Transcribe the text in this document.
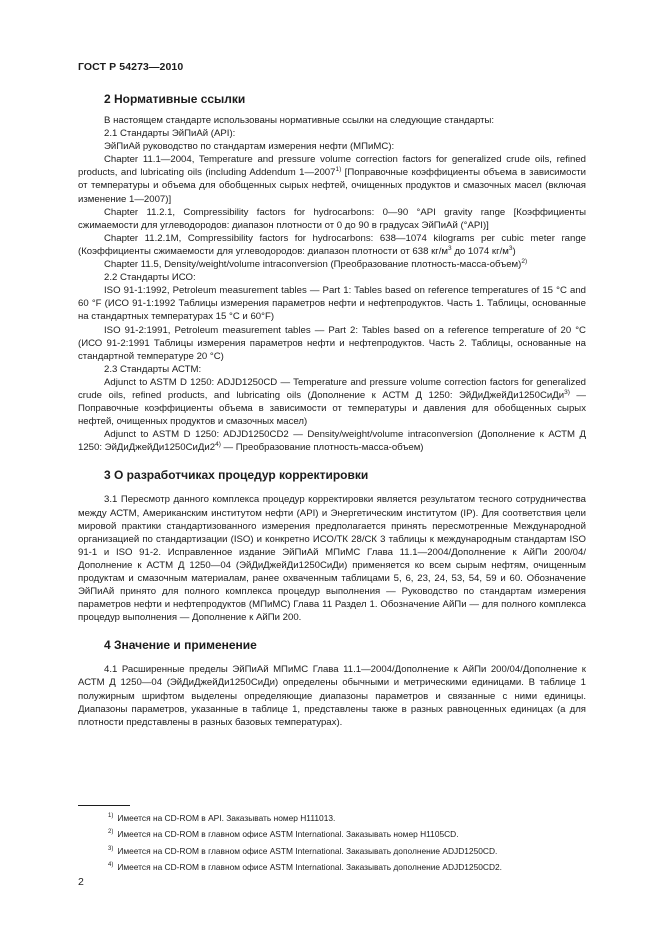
ГОСТ Р 54273—2010
2 Нормативные ссылки

В настоящем стандарте использованы нормативные ссылки на следующие стандарты:

2.1 Стандарты ЭйПиАй (API):

ЭйПиАй руководство по стандартам измерения нефти (МПиМС):

Chapter 11.1—2004, Temperature and pressure volume correction factors for generalized crude oils, refined products, and lubricating oils (including Addendum 1—2007$^{1)}$ [Поправочные коэффициенты объема в зависимости от температуры и объема для обобщенных сырых нефтей, очищенных продуктов и смазочных масел (включая изменение 1—2007)]

Chapter 11.2.1, Compressibility factors for hydrocarbons: 0—90 °API gravity range [Коэффициенты сжимаемости для углеводородов: диапазон плотности от 0 до 90 в градусах ЭйПиАй (°API)]

Chapter 11.2.1M, Compressibility factors for hydrocarbons: 638—1074 kilograms per cubic meter range (Коэффициенты сжимаемости для углеводородов: диапазон плотности от 638 $кг/м^3$ до 1074 $кг/м^3$)

Chapter 11.5, Density/weight/volume intraconversion (Преобразование плотность-масса-объем)$^{2)}$

2.2 Стандарты ИСО:

ISO 91-1:1992, Petroleum measurement tables — Part 1: Tables based on reference temperatures of 15 °C and 60 °F (ИСО 91-1:1992 Таблицы измерения параметров нефти и нефтепродуктов. Часть 1. Таблицы, основанные на стандартных температурах 15 °C и 60°F)

ISO 91-2:1991, Petroleum measurement tables — Part 2: Tables based on a reference temperature of 20 °C (ИСО 91-2:1991 Таблицы измерения параметров нефти и нефтепродуктов. Часть 2. Таблицы, основанные на стандартной температуре 20 °C)

2.3 Стандарты АСТМ:

Adjunct to ASTM D 1250: ADJD1250CD — Temperature and pressure volume correction factors for generalized crude oils, refined products, and lubricating oils (Дополнение к АСТМ Д 1250: ЭйДиДжейДи1250СиДи$^{3)}$ — Поправочные коэффициенты объема в зависимости от температуры и давления для обобщенных сырых нефтей, очищенных продуктов и смазочных масел)

Adjunct to ASTM D 1250: ADJD1250CD2 — Density/weight/volume intraconversion (Дополнение к АСТМ Д 1250: ЭйДиДжейДи1250СиДи2$^{4)}$ — Преобразование плотность-масса-объем)

3 О разработчиках процедур корректировки

3.1 Пересмотр данного комплекса процедур корректировки является результатом тесного сотрудничества между АСТМ, Американским институтом нефти (API) и Энергетическим институтом (IP). Для соответствия цели мировой практики стандартизованного измерения предполагается принять пересмотренные Международной организацией по стандартизации (ISO) и конкретно ИСО/ТК 28/СК 3 таблицы к международным стандартам ISO 91-1 и ISO 91-2. Исправленное издание ЭйПиАй МПиМС Глава 11.1—2004/Дополнение к АйПи 200/04/Дополнение к АСТМ Д 1250—04 (ЭйДиДжейДи1250СиДи) применяется ко всем сырым нефтям, очищенным продуктам и смазочным материалам, ранее охваченным таблицами 5, 6, 23, 24, 53, 54, 59 и 60. Обозначение ЭйПиАй принято для полного комплекса процедур выполнения — Руководство по стандартам измерения параметров нефти и нефтепродуктов (МПиМС) Глава 11 Раздел 1. Обозначение АйПи — для полного комплекса процедур выполнения — Дополнение к АйПи 200.

4 Значение и применение

4.1 Расширенные пределы ЭйПиАй МПиМС Глава 11.1—2004/Дополнение к АйПи 200/04/Дополнение к АСТМ Д 1250—04 (ЭйДиДжейДи1250СиДи) определены обычными и метрическими единицами. В таблице 1 полужирным шрифтом выделены определяющие диапазоны параметров и связанные с ними единицы. Диапазоны параметров, указанные в таблице 1, представлены также в разных равноценных единицах (а для плотности представлены в разных базовых температурах).

$^{1)}$ Имеется на CD-ROM в API. Заказывать номер H111013.
$^{2)}$ Имеется на CD-ROM в главном офисе ASTM International. Заказывать номер H1105CD.
$^{3)}$ Имеется на CD-ROM в главном офисе ASTM International. Заказывать дополнение ADJD1250CD.
$^{4)}$ Имеется на CD-ROM в главном офисе ASTM International. Заказывать дополнение ADJD1250CD2.
2
